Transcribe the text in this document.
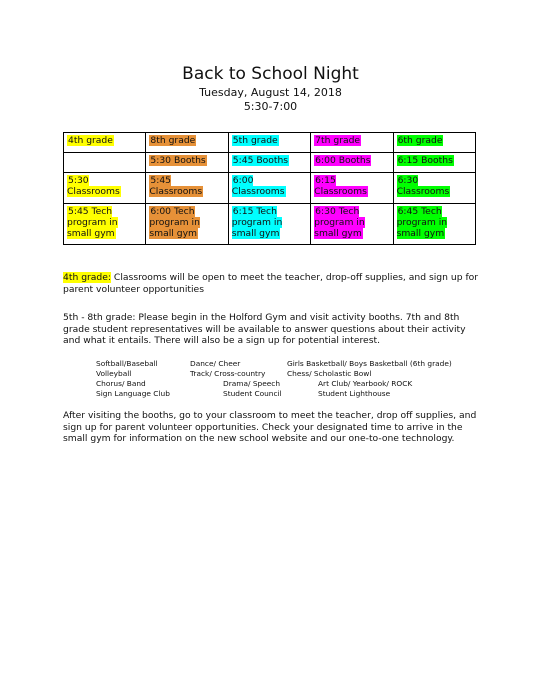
Back to School Night
Tuesday, August 14, 2018
5:30-7:00
4th grade	8th grade	5th grade	7th grade	6th grade
	5:30 Booths	5:45 Booths	6:00 Booths	6:15 Booths
5:30 Classrooms	5:45 Classrooms	6:00 Classrooms	6:15 Classrooms	6:30 Classrooms
5:45 Tech program in small gym	6:00 Tech program in small gym	6:15 Tech program in small gym	6:30 Tech program in small gym	6:45 Tech program in small gym
4th grade: Classrooms will be open to meet the teacher, drop-off supplies, and sign up for parent volunteer opportunities
5th - 8th grade: Please begin in the Holford Gym and visit activity booths. 7th and 8th grade student representatives will be available to answer questions about their activity and what it entails. There will also be a sign up for potential interest.
Softball/Baseball	Dance/ Cheer	Girls Basketball/ Boys Basketball (6th grade)
Volleyball	Track/ Cross-country	Chess/ Scholastic Bowl
Chorus/ Band	Drama/ Speech	Art Club/ Yearbook/ ROCK
Sign Language Club	Student Council	Student Lighthouse
After visiting the booths, go to your classroom to meet the teacher, drop off supplies, and sign up for parent volunteer opportunities. Check your designated time to arrive in the small gym for information on the new school website and our one-to-one technology.
